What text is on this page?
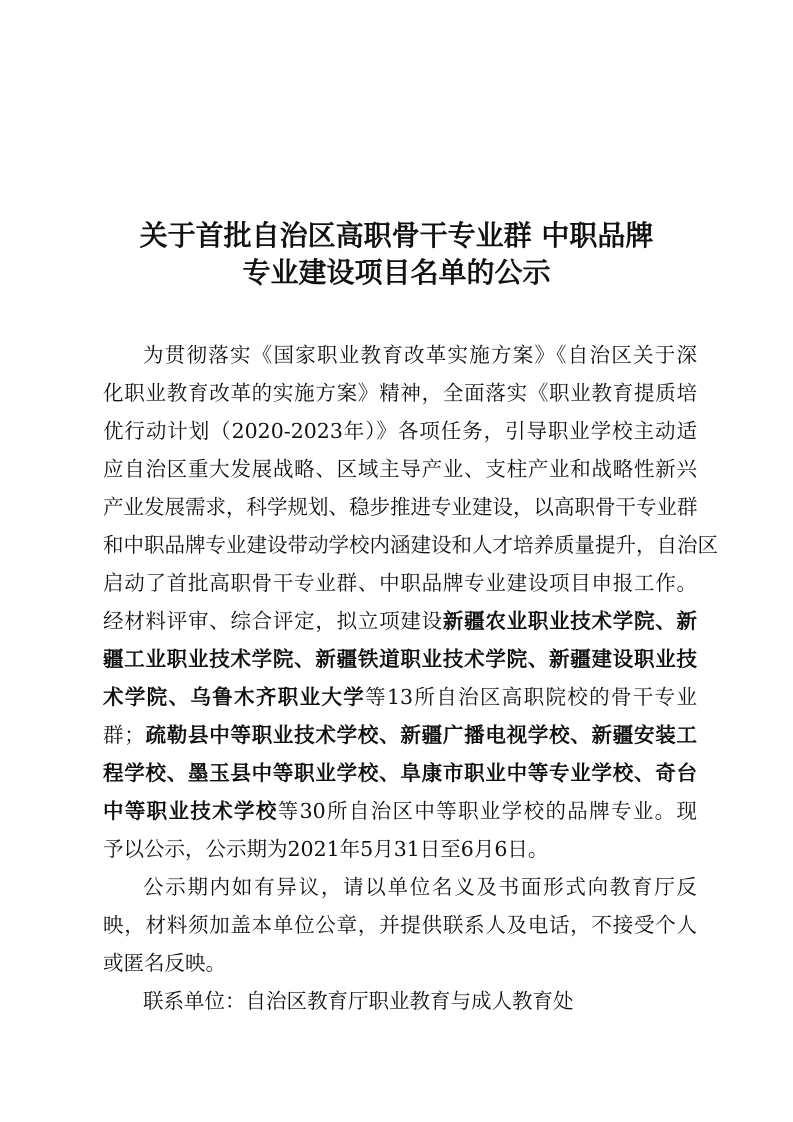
关于首批自治区高职骨干专业群 中职品牌
专业建设项目名单的公示

为贯彻落实《国家职业教育改革实施方案》《自治区关于深

化职业教育改革的实施方案》精神，全面落实《职业教育提质培

优行动计划（2020-2023年）》各项任务，引导职业学校主动适

应自治区重大发展战略、区域主导产业、支柱产业和战略性新兴

产业发展需求，科学规划、稳步推进专业建设，以高职骨干专业群

和中职品牌专业建设带动学校内涵建设和人才培养质量提升，自治区

启动了首批高职骨干专业群、中职品牌专业建设项目申报工作。

经材料评审、综合评定，拟立项建设新疆农业职业技术学院、新

疆工业职业技术学院、新疆铁道职业技术学院、新疆建设职业技

术学院、乌鲁木齐职业大学等13所自治区高职院校的骨干专业

群；疏勒县中等职业技术学校、新疆广播电视学校、新疆安装工

程学校、墨玉县中等职业学校、阜康市职业中等专业学校、奇台

中等职业技术学校等30所自治区中等职业学校的品牌专业。现

予以公示，公示期为2021年5月31日至6月6日。

公示期内如有异议，请以单位名义及书面形式向教育厅反

映，材料须加盖本单位公章，并提供联系人及电话，不接受个人

或匿名反映。

联系单位：自治区教育厅职业教育与成人教育处
